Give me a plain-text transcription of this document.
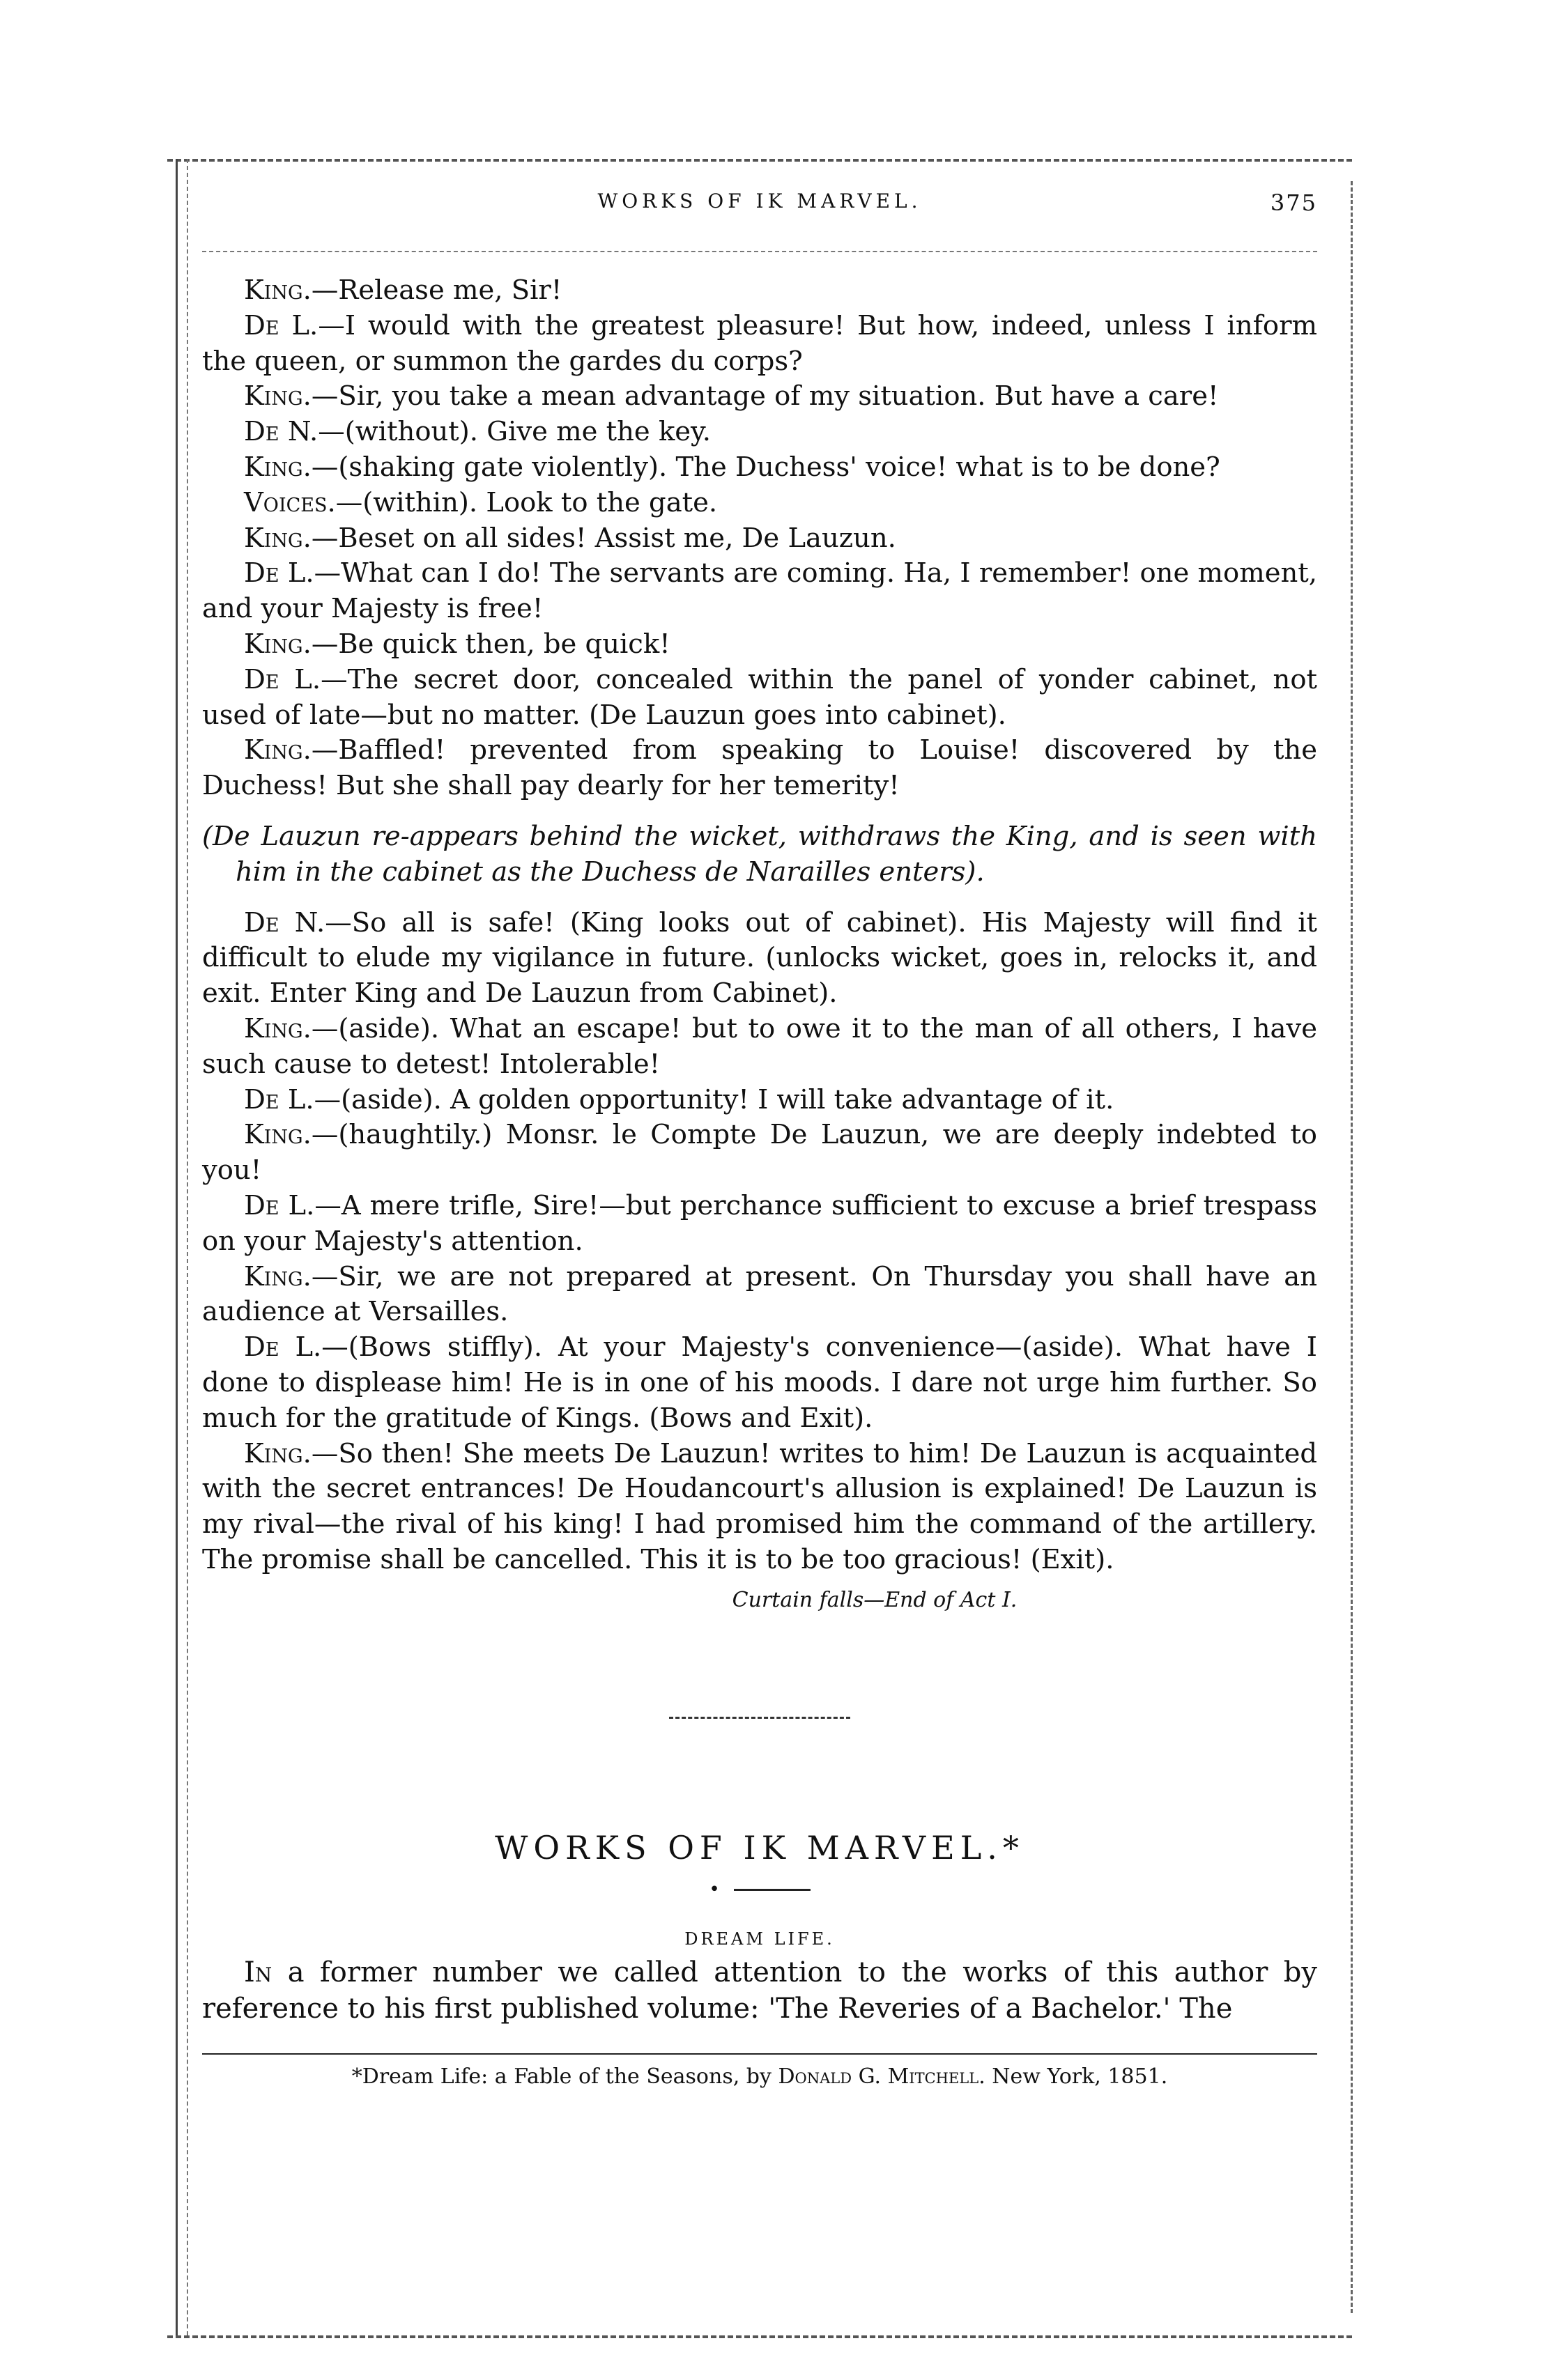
WORKS OF IK MARVEL.	375

King.—Release me, Sir!

De L.—I would with the greatest pleasure! But how, indeed, unless I inform the queen, or summon the gardes du corps?

King.—Sir, you take a mean advantage of my situation. But have a care!

De N.—(without). Give me the key.

King.—(shaking gate violently). The Duchess' voice! what is to be done?

Voices.—(within). Look to the gate.

King.—Beset on all sides! Assist me, De Lauzun.

De L.—What can I do! The servants are coming. Ha, I remember! one moment, and your Majesty is free!

King.—Be quick then, be quick!

De L.—The secret door, concealed within the panel of yonder cabinet, not used of late—but no matter. (De Lauzun goes into cabinet).

King.—Baffled! prevented from speaking to Louise! discovered by the Duchess! But she shall pay dearly for her temerity!

(De Lauzun re-appears behind the wicket, withdraws the King, and is seen with him in the cabinet as the Duchess de Narailles enters).

De N.—So all is safe! (King looks out of cabinet). His Majesty will find it difficult to elude my vigilance in future. (unlocks wicket, goes in, relocks it, and exit. Enter King and De Lauzun from Cabinet).

King.—(aside). What an escape! but to owe it to the man of all others, I have such cause to detest! Intolerable!

De L.—(aside). A golden opportunity! I will take advantage of it.

King.—(haughtily.) Monsr. le Compte De Lauzun, we are deeply indebted to you!

De L.—A mere trifle, Sire!—but perchance sufficient to excuse a brief trespass on your Majesty's attention.

King.—Sir, we are not prepared at present. On Thursday you shall have an audience at Versailles.

De L.—(Bows stiffly). At your Majesty's convenience—(aside). What have I done to displease him! He is in one of his moods. I dare not urge him further. So much for the gratitude of Kings. (Bows and Exit).

King.—So then! She meets De Lauzun! writes to him! De Lauzun is acquainted with the secret entrances! De Houdancourt's allusion is explained! De Lauzun is my rival—the rival of his king! I had promised him the command of the artillery. The promise shall be cancelled. This it is to be too gracious! (Exit).

Curtain falls—End of Act I.
WORKS OF IK MARVEL.*
•
DREAM LIFE.

In a former number we called attention to the works of this author by reference to his first published volume: 'The Reveries of a Bachelor.' The

*Dream Life: a Fable of the Seasons, by Donald G. Mitchell. New York, 1851.
